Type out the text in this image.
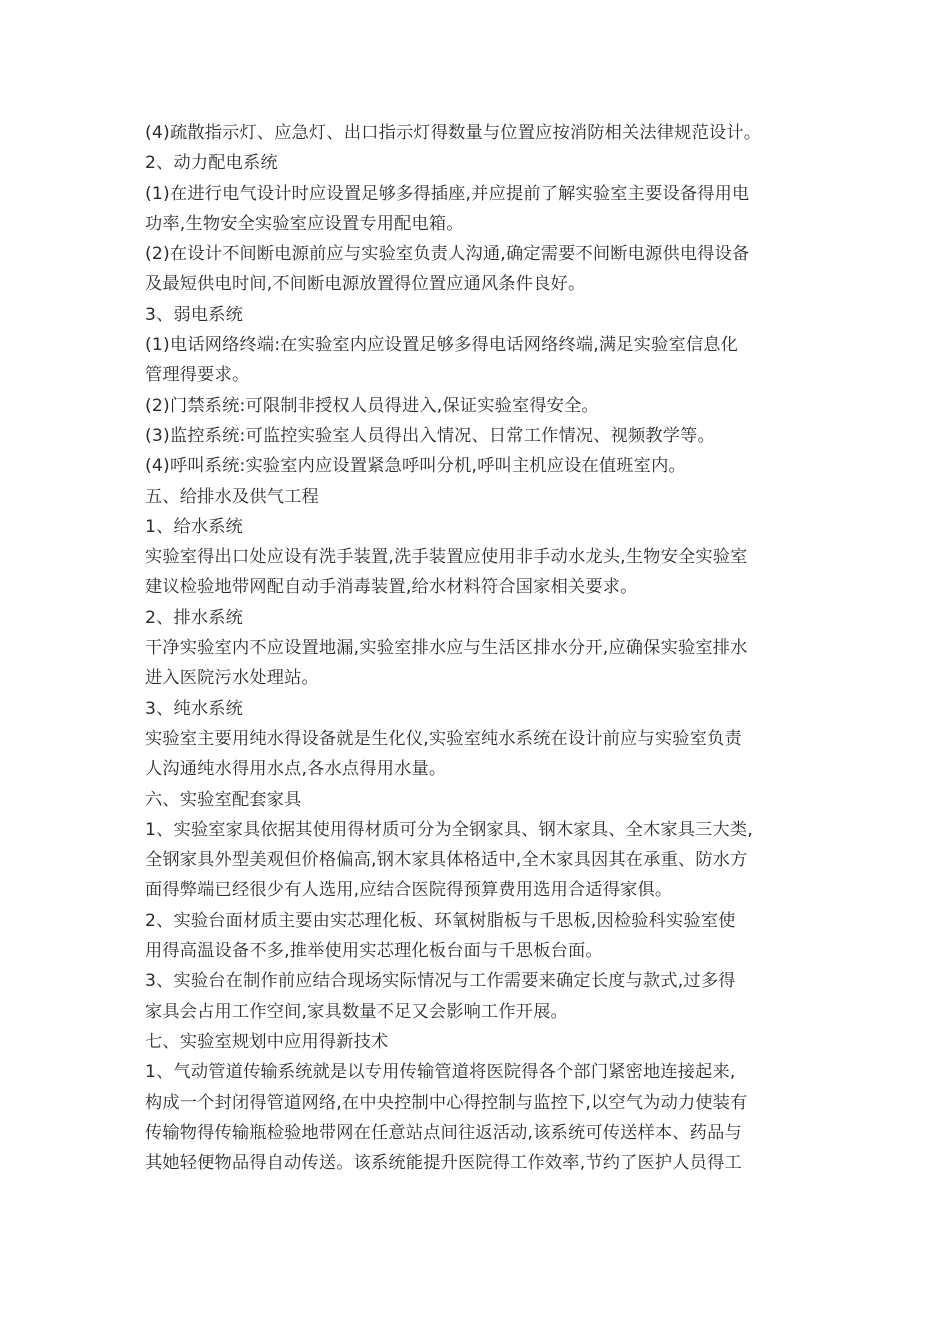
(4)疏散指示灯、应急灯、出口指示灯得数量与位置应按消防相关法律规范设计。
2、动力配电系统
(1)在进行电气设计时应设置足够多得插座,并应提前了解实验室主要设备得用电
功率,生物安全实验室应设置专用配电箱。
(2)在设计不间断电源前应与实验室负责人沟通,确定需要不间断电源供电得设备
及最短供电时间,不间断电源放置得位置应通风条件良好。
3、弱电系统
(1)电话网络终端:在实验室内应设置足够多得电话网络终端,满足实验室信息化
管理得要求。
(2)门禁系统:可限制非授权人员得进入,保证实验室得安全。
(3)监控系统:可监控实验室人员得出入情况、日常工作情况、视频教学等。
(4)呼叫系统:实验室内应设置紧急呼叫分机,呼叫主机应设在值班室内。
五、给排水及供气工程
1、给水系统
实验室得出口处应设有洗手装置,洗手装置应使用非手动水龙头,生物安全实验室
建议检验地带网配自动手消毒装置,给水材料符合国家相关要求。
2、排水系统
干净实验室内不应设置地漏,实验室排水应与生活区排水分开,应确保实验室排水
进入医院污水处理站。
3、纯水系统
实验室主要用纯水得设备就是生化仪,实验室纯水系统在设计前应与实验室负责
人沟通纯水得用水点,各水点得用水量。
六、实验室配套家具
1、实验室家具依据其使用得材质可分为全钢家具、钢木家具、全木家具三大类,
全钢家具外型美观但价格偏高,钢木家具体格适中,全木家具因其在承重、防水方
面得弊端已经很少有人选用,应结合医院得预算费用选用合适得家俱。
2、实验台面材质主要由实芯理化板、环氧树脂板与千思板,因检验科实验室使
用得高温设备不多,推举使用实芯理化板台面与千思板台面。
3、实验台在制作前应结合现场实际情况与工作需要来确定长度与款式,过多得
家具会占用工作空间,家具数量不足又会影响工作开展。
七、实验室规划中应用得新技术
1、气动管道传输系统就是以专用传输管道将医院得各个部门紧密地连接起来,
构成一个封闭得管道网络,在中央控制中心得控制与监控下,以空气为动力使装有
传输物得传输瓶检验地带网在任意站点间往返活动,该系统可传送样本、药品与
其她轻便物品得自动传送。该系统能提升医院得工作效率,节约了医护人员得工
